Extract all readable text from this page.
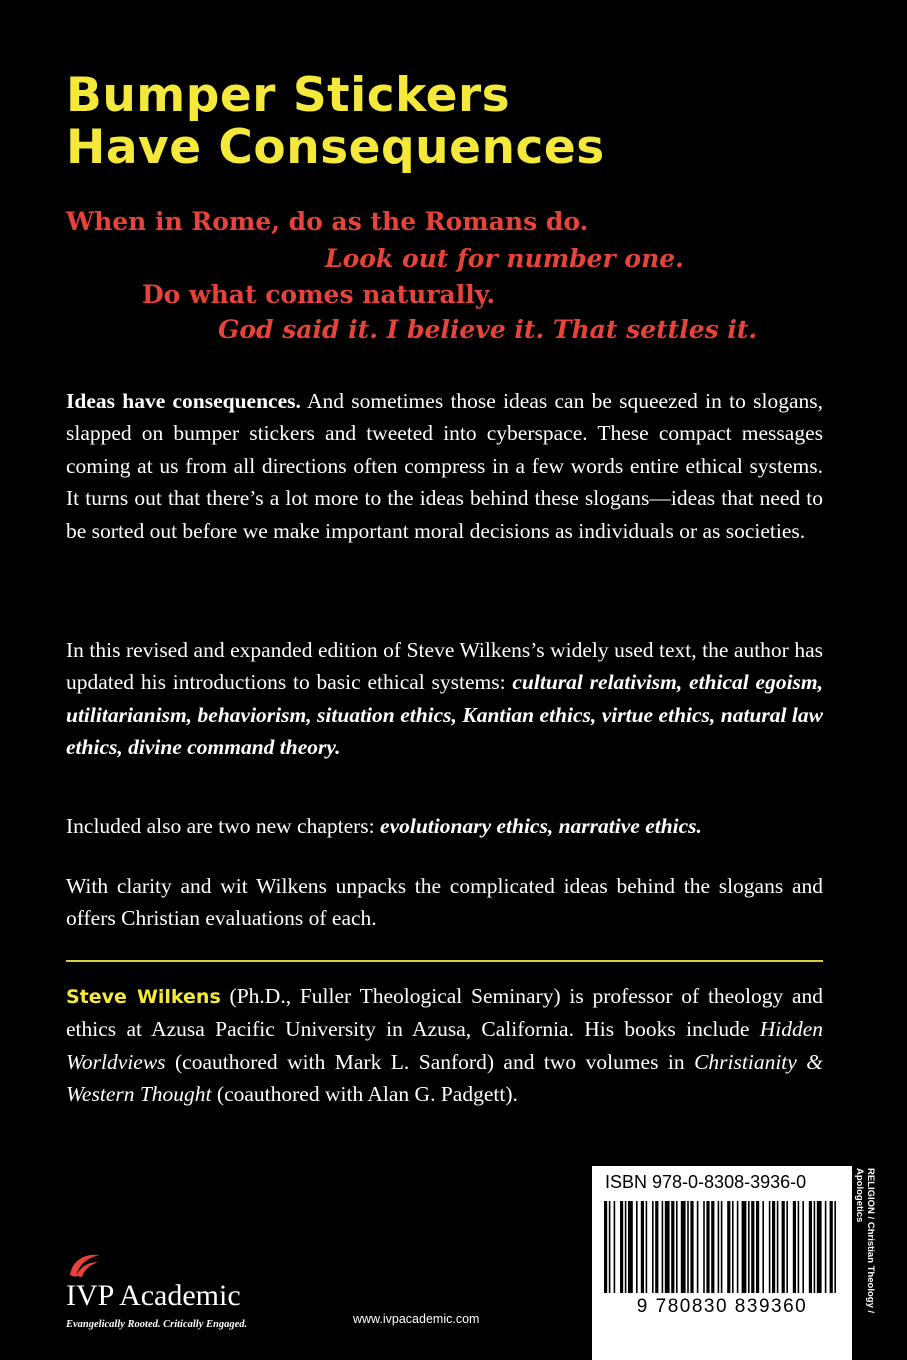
Bumper Stickers
Have Consequences
When in Rome, do as the Romans do.
Look out for number one.
Do what comes naturally.
God said it. I believe it. That settles it.

Ideas have consequences. And sometimes those ideas can be squeezed in to slogans, slapped on bumper stickers and tweeted into cyberspace. These compact messages coming at us from all directions often compress in a few words entire ethical systems. It turns out that there’s a lot more to the ideas behind these slogans—ideas that need to be sorted out before we make important moral decisions as individuals or as societies.

In this revised and expanded edition of Steve Wilkens’s widely used text, the author has updated his introductions to basic ethical systems: cultural relativism, ethical egoism, utilitarianism, behaviorism, situation ethics, Kantian ethics, virtue ethics, natural law ethics, divine command theory.

Included also are two new chapters: evolutionary ethics, narrative ethics.

With clarity and wit Wilkens unpacks the complicated ideas behind the slogans and offers Christian evaluations of each.

Steve Wilkens (Ph.D., Fuller Theological Seminary) is professor of theology and ethics at Azusa Pacific University in Azusa, California. His books include Hidden Worldviews (coauthored with Mark L. Sanford) and two volumes in Christianity & Western Thought (coauthored with Alan G. Padgett).

IVP Academic
Evangelically Rooted. Critically Engaged.	www.ivpacademic.com
ISBN 978-0-8308-3936-0
9 780830 839360	RELIGION / Christian Theology /
Apologetics
